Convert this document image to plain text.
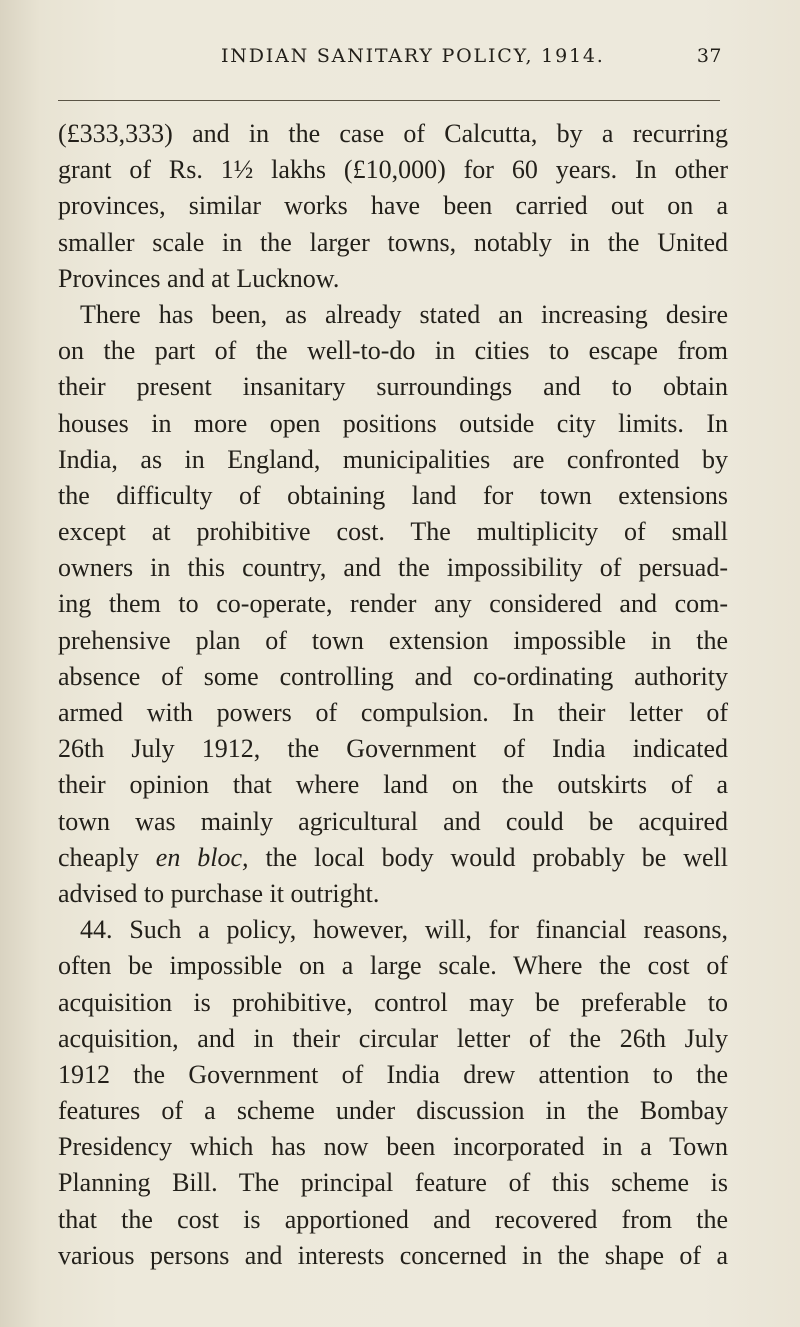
INDIAN SANITARY POLICY, 1914.	37
(£333,333) and in the case of Calcutta, by a recurring
grant of Rs. 1½ lakhs (£10,000) for 60 years. In other
provinces, similar works have been carried out on a
smaller scale in the larger towns, notably in the United
Provinces and at Lucknow.
There has been, as already stated an increasing desire
on the part of the well-to-do in cities to escape from
their present insanitary surroundings and to obtain
houses in more open positions outside city limits. In
India, as in England, municipalities are confronted by
the difficulty of obtaining land for town extensions
except at prohibitive cost. The multiplicity of small
owners in this country, and the impossibility of persuad-
ing them to co-operate, render any considered and com-
prehensive plan of town extension impossible in the
absence of some controlling and co-ordinating authority
armed with powers of compulsion. In their letter of
26th July 1912, the Government of India indicated
their opinion that where land on the outskirts of a
town was mainly agricultural and could be acquired
cheaply en bloc, the local body would probably be well
advised to purchase it outright.
44. Such a policy, however, will, for financial reasons,
often be impossible on a large scale. Where the cost of
acquisition is prohibitive, control may be preferable to
acquisition, and in their circular letter of the 26th July
1912 the Government of India drew attention to the
features of a scheme under discussion in the Bombay
Presidency which has now been incorporated in a Town
Planning Bill. The principal feature of this scheme is
that the cost is apportioned and recovered from the
various persons and interests concerned in the shape of a
